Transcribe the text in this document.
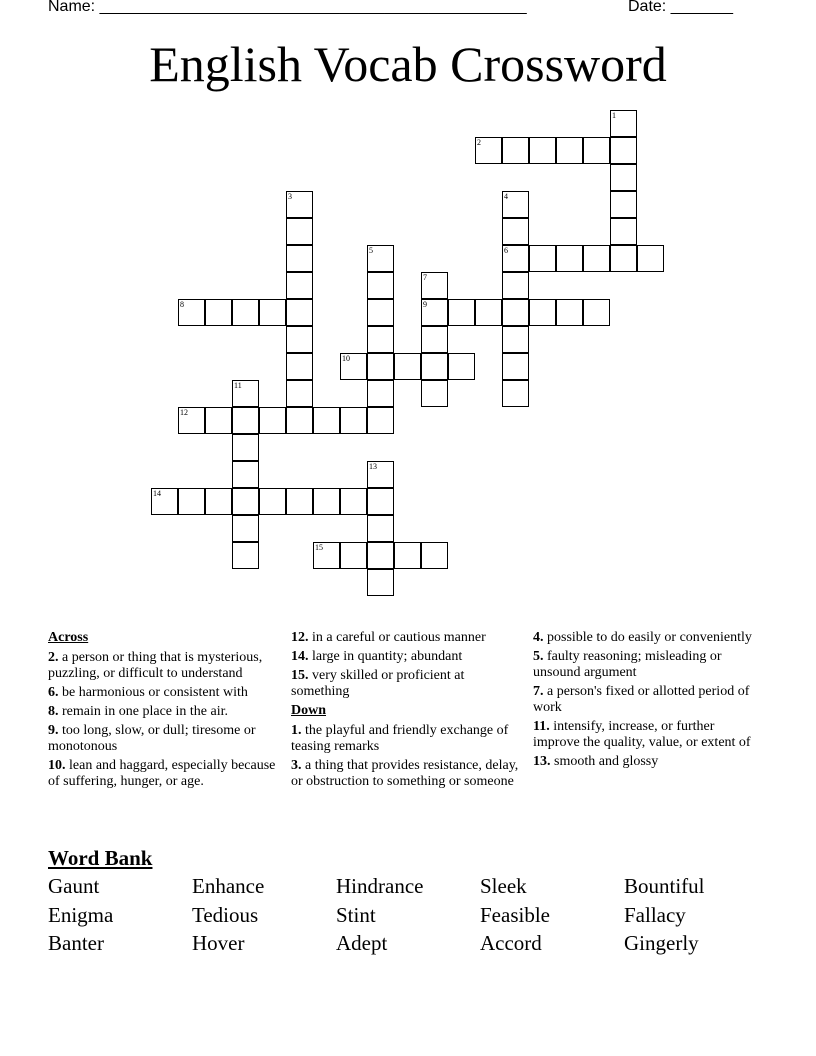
Name: ________________________________________________	Date: _______
English Vocab Crossword
1
2
3	4
5	6
7
8	9
10
11
12
13
14
15
Across
2. a person or thing that is mysterious, puzzling, or difficult to understand
6. be harmonious or consistent with
8. remain in one place in the air.
9. too long, slow, or dull; tiresome or monotonous
10. lean and haggard, especially because of suffering, hunger, or age.
12. in a careful or cautious manner
14. large in quantity; abundant
15. very skilled or proficient at something
Down
1. the playful and friendly exchange of teasing remarks
3. a thing that provides resistance, delay, or obstruction to something or someone
4. possible to do easily or conveniently
5. faulty reasoning; misleading or unsound argument
7. a person's fixed or allotted period of work
11. intensify, increase, or further improve the quality, value, or extent of
13. smooth and glossy
Word Bank
Gaunt	Enhance	Hindrance	Sleek	Bountiful
Enigma	Tedious	Stint	Feasible	Fallacy
Banter	Hover	Adept	Accord	Gingerly
